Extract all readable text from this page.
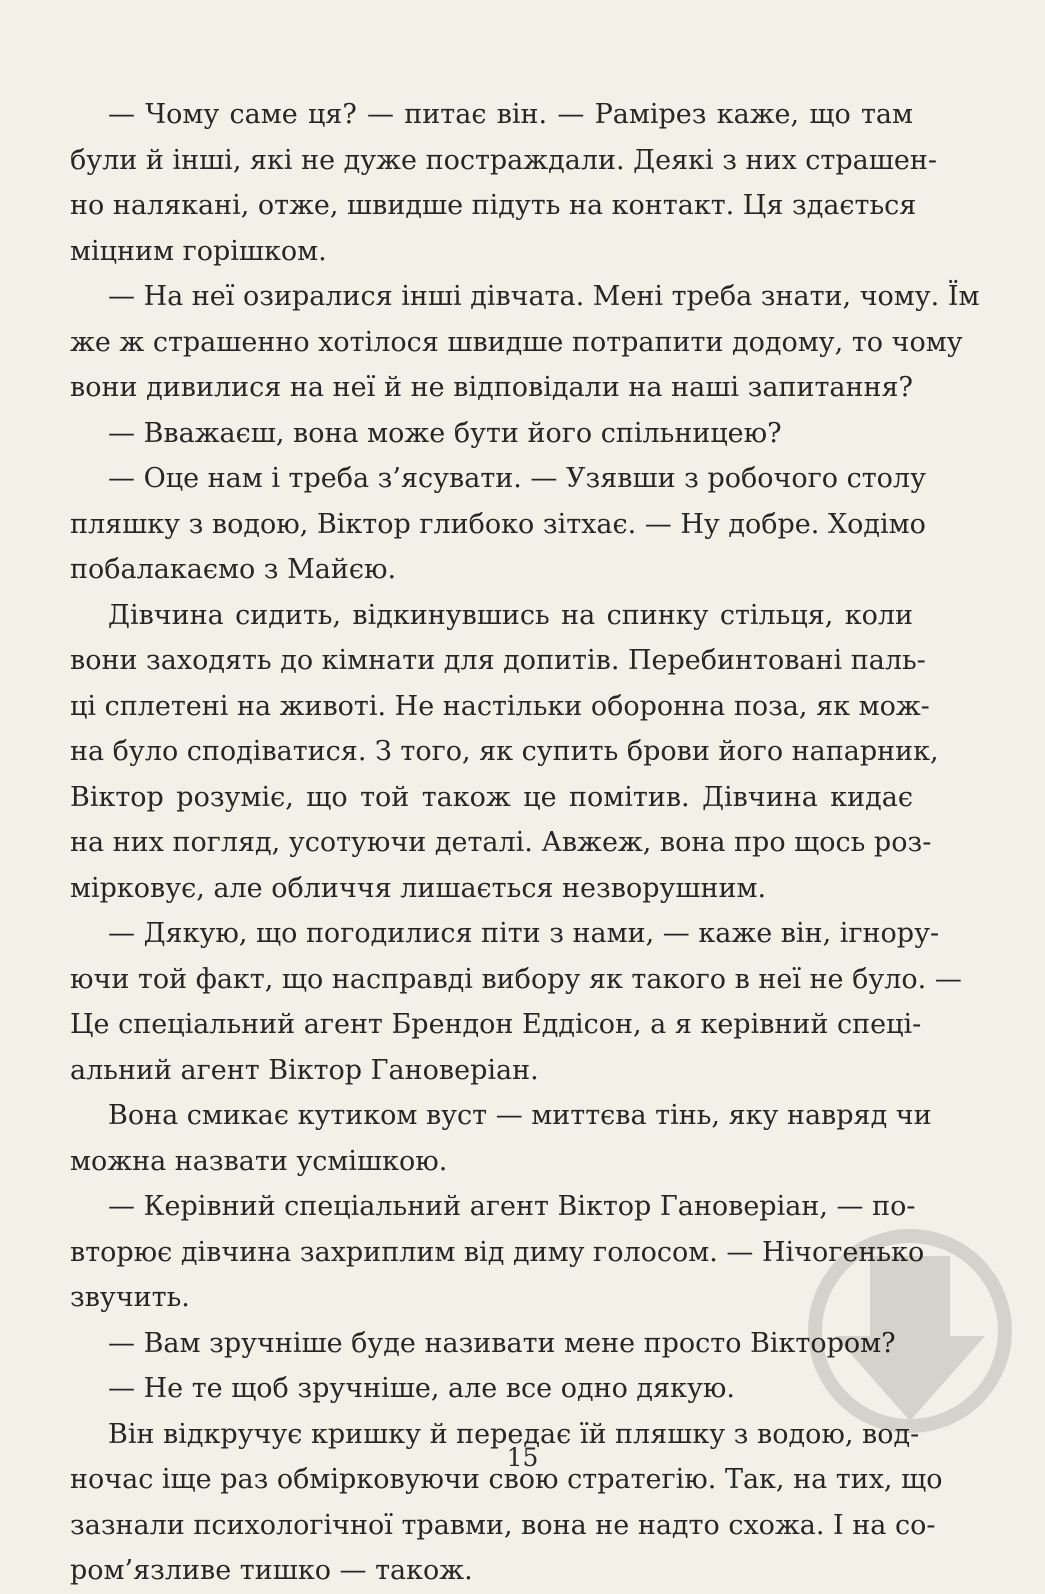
— Чому саме ця? — питає він. — Рамірез каже, що там
були й інші, які не дуже постраждали. Деякі з них страшен-
но налякані, отже, швидше підуть на контакт. Ця здається
міцним горішком.
— На неї озиралися інші дівчата. Мені треба знати, чому. Їм
же ж страшенно хотілося швидше потрапити додому, то чому
вони дивилися на неї й не відповідали на наші запитання?
— Вважаєш, вона може бути його спільницею?
— Оце нам і треба з’ясувати. — Узявши з робочого столу
пляшку з водою, Віктор глибоко зітхає. — Ну добре. Ходімо
побалакаємо з Майєю.
Дівчина сидить, відкинувшись на спинку стільця, коли
вони заходять до кімнати для допитів. Перебинтовані паль-
ці сплетені на животі. Не настільки оборонна поза, як мож-
на було сподіватися. З того, як супить брови його напарник,
Віктор розуміє, що той також це помітив. Дівчина кидає
на них погляд, усотуючи деталі. Авжеж, вона про щось роз-
мірковує, але обличчя лишається незворушним.
— Дякую, що погодилися піти з нами, — каже він, ігнору-
ючи той факт, що насправді вибору як такого в неї не було. —
Це спеціальний агент Брендон Еддісон, а я керівний спеці-
альний агент Віктор Гановеріан.
Вона смикає кутиком вуст — миттєва тінь, яку навряд чи
можна назвати усмішкою.
— Керівний спеціальний агент Віктор Гановеріан, — по-
вторює дівчина захриплим від диму голосом. — Нічогенько
звучить.
— Вам зручніше буде називати мене просто Віктором?
— Не те щоб зручніше, але все одно дякую.
Він відкручує кришку й передає їй пляшку з водою, вод-
ночас іще раз обмірковуючи свою стратегію. Так, на тих, що
зазнали психологічної травми, вона не надто схожа. І на со-
ром’язливе тишко — також.
15
